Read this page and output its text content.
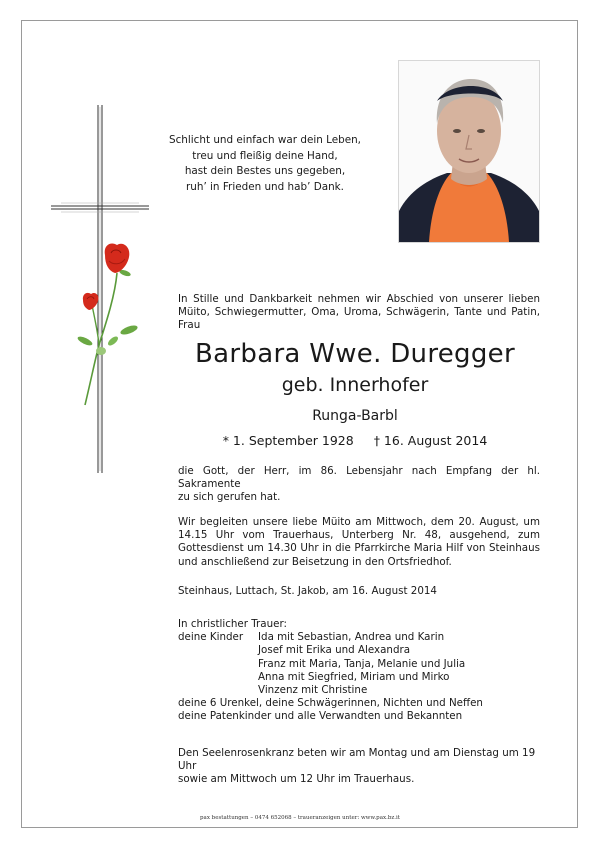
Schlicht und einfach war dein Leben,
treu und fleißig deine Hand,
hast dein Bestes uns gegeben,
ruh’ in Frieden und hab’ Dank.
In Stille und Dankbarkeit nehmen wir Abschied von unserer lieben
Müito, Schwiegermutter, Oma, Uroma, Schwägerin, Tante und Patin,
Frau
Barbara Wwe. Duregger
geb. Innerhofer
Runga-Barbl
* 1. September 1928 † 16. August 2014
die Gott, der Herr, im 86. Lebensjahr nach Empfang der hl. Sakramente
zu sich gerufen hat.
Wir begleiten unsere liebe Müito am Mittwoch, dem 20. August, um
14.15 Uhr vom Trauerhaus, Unterberg Nr. 48, ausgehend, zum
Gottesdienst um 14.30 Uhr in die Pfarrkirche Maria Hilf von Steinhaus
und anschließend zur Beisetzung in den Ortsfriedhof.
Steinhaus, Luttach, St. Jakob, am 16. August 2014
In christlicher Trauer:
deine Kinder	Ida mit Sebastian, Andrea und Karin
Josef mit Erika und Alexandra
Franz mit Maria, Tanja, Melanie und Julia
Anna mit Siegfried, Miriam und Mirko
Vinzenz mit Christine
deine 6 Urenkel, deine Schwägerinnen, Nichten und Neffen
deine Patenkinder und alle Verwandten und Bekannten
Den Seelenrosenkranz beten wir am Montag und am Dienstag um 19 Uhr
sowie am Mittwoch um 12 Uhr im Trauerhaus.
pax bestattungen – 0474 652068 – traueranzeigen unter: www.pax.bz.it
